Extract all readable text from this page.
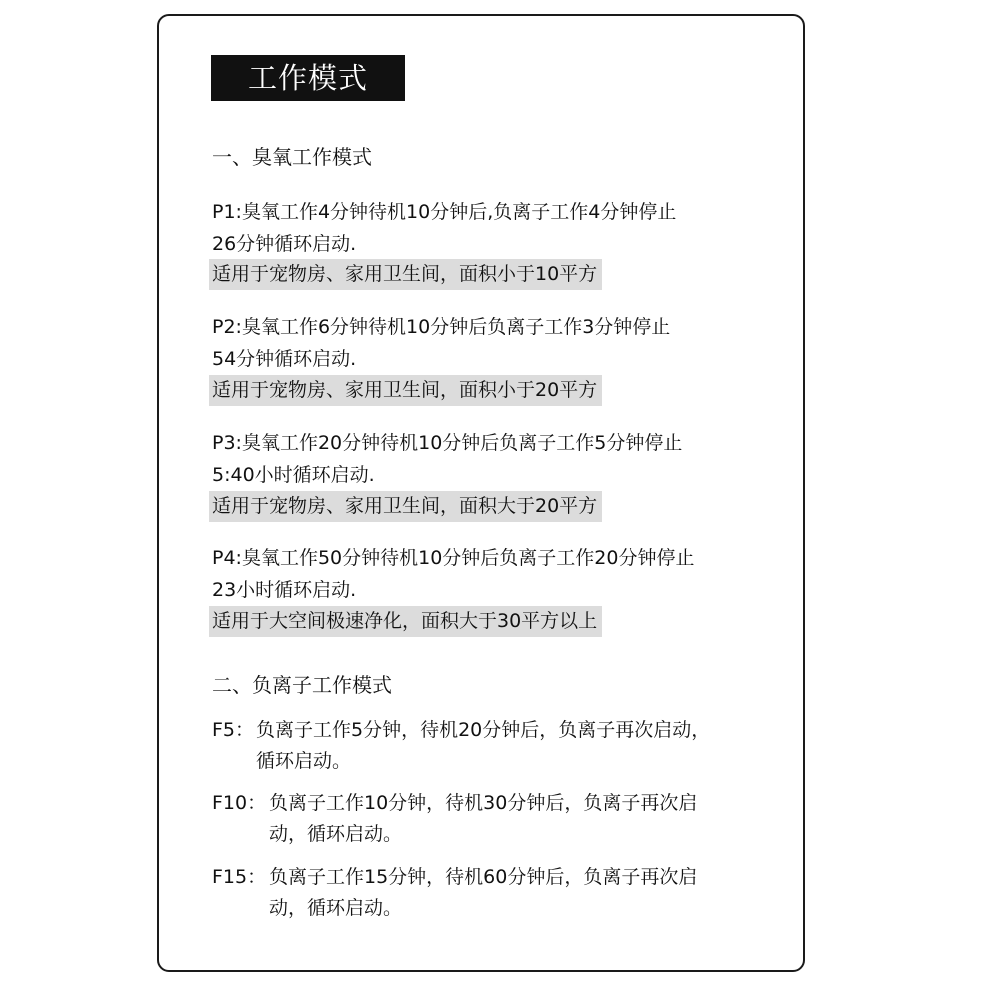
工作模式
一、臭氧工作模式
P1:臭氧工作4分钟待机10分钟后,负离子工作4分钟停止
26分钟循环启动.
适用于宠物房、家用卫生间，面积小于10平方
P2:臭氧工作6分钟待机10分钟后负离子工作3分钟停止
54分钟循环启动.
适用于宠物房、家用卫生间，面积小于20平方
P3:臭氧工作20分钟待机10分钟后负离子工作5分钟停止
5:40小时循环启动.
适用于宠物房、家用卫生间，面积大于20平方
P4:臭氧工作50分钟待机10分钟后负离子工作20分钟停止
23小时循环启动.
适用于大空间极速净化，面积大于30平方以上
二、负离子工作模式
F5： 负离子工作5分钟，待机20分钟后，负离子再次启动，
循环启动。
F10： 负离子工作10分钟，待机30分钟后，负离子再次启
动，循环启动。
F15： 负离子工作15分钟，待机60分钟后，负离子再次启
动，循环启动。
